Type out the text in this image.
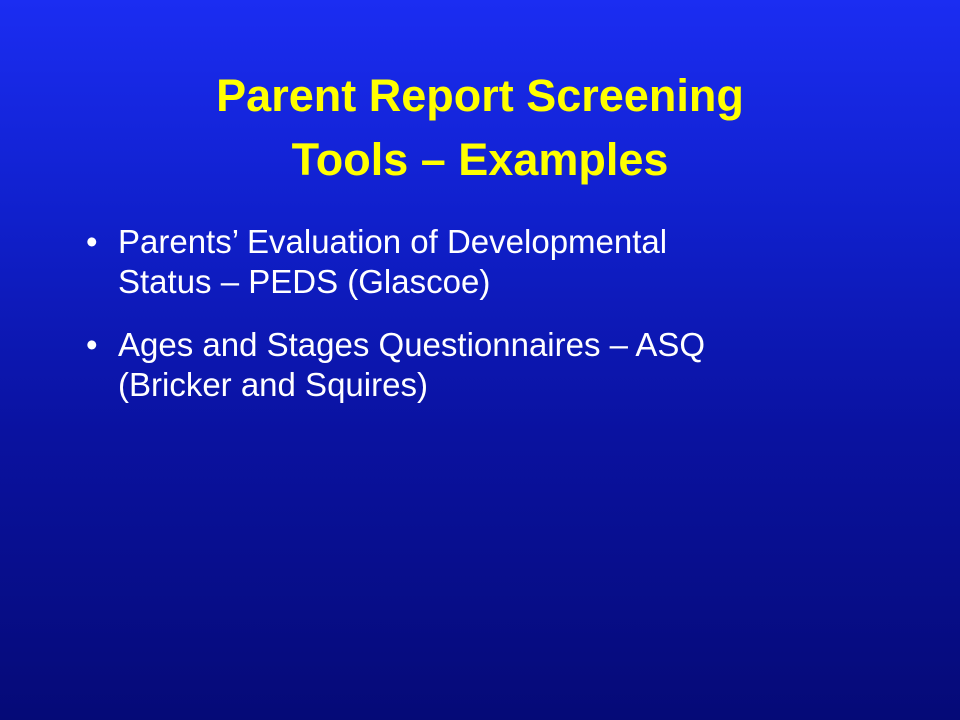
Parent Report Screening
Tools – Examples
• Parents’ Evaluation of Developmental
Status – PEDS (Glascoe)
• Ages and Stages Questionnaires – ASQ
(Bricker and Squires)
